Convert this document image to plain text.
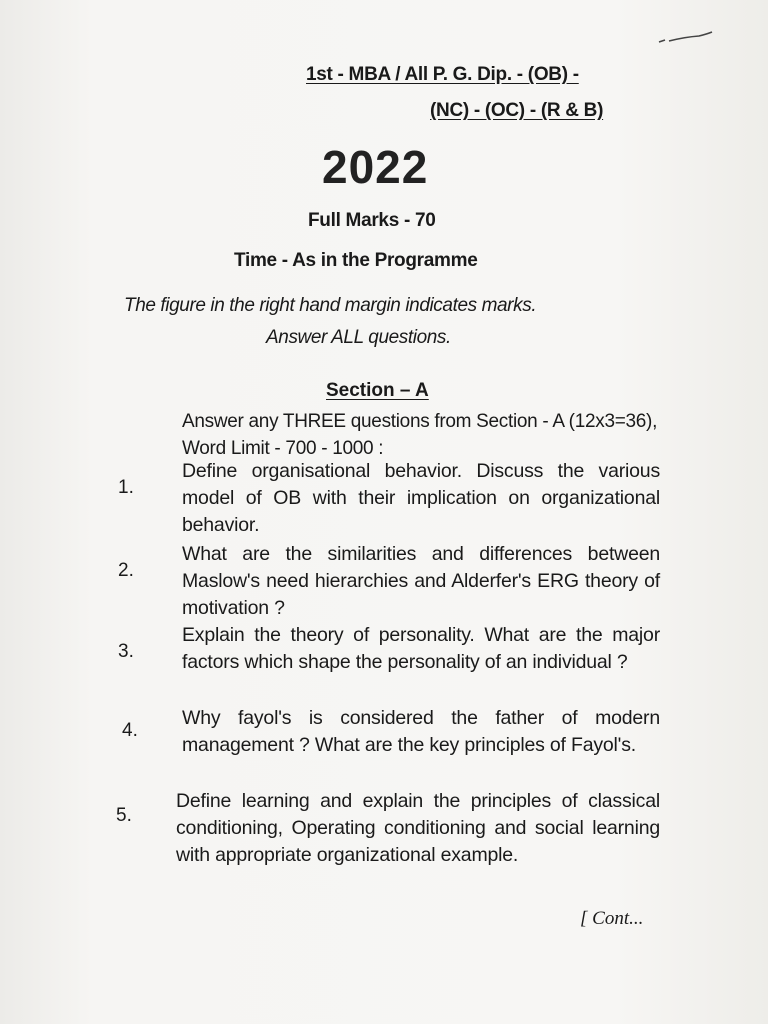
1st - MBA / All P. G. Dip. - (OB) -
(NC) - (OC) - (R & B)
2022
Full Marks - 70
Time - As in the Programme
The figure in the right hand margin indicates marks.
Answer ALL questions.
Section – A
Answer any THREE questions from Section - A (12x3=36), Word Limit - 700 - 1000 :
1.
Define organisational behavior. Discuss the various model of OB with their implication on organizational behavior.
2.
What are the similarities and differences between Maslow's need hierarchies and Alderfer's ERG theory of motivation ?
3.
Explain the theory of personality. What are the major factors which shape the personality of an individual ?
4.
Why fayol's is considered the father of modern management ? What are the key principles of Fayol's.
5.
Define learning and explain the principles of classical conditioning, Operating conditioning and social learning with appropriate organizational example.
[ Cont...
